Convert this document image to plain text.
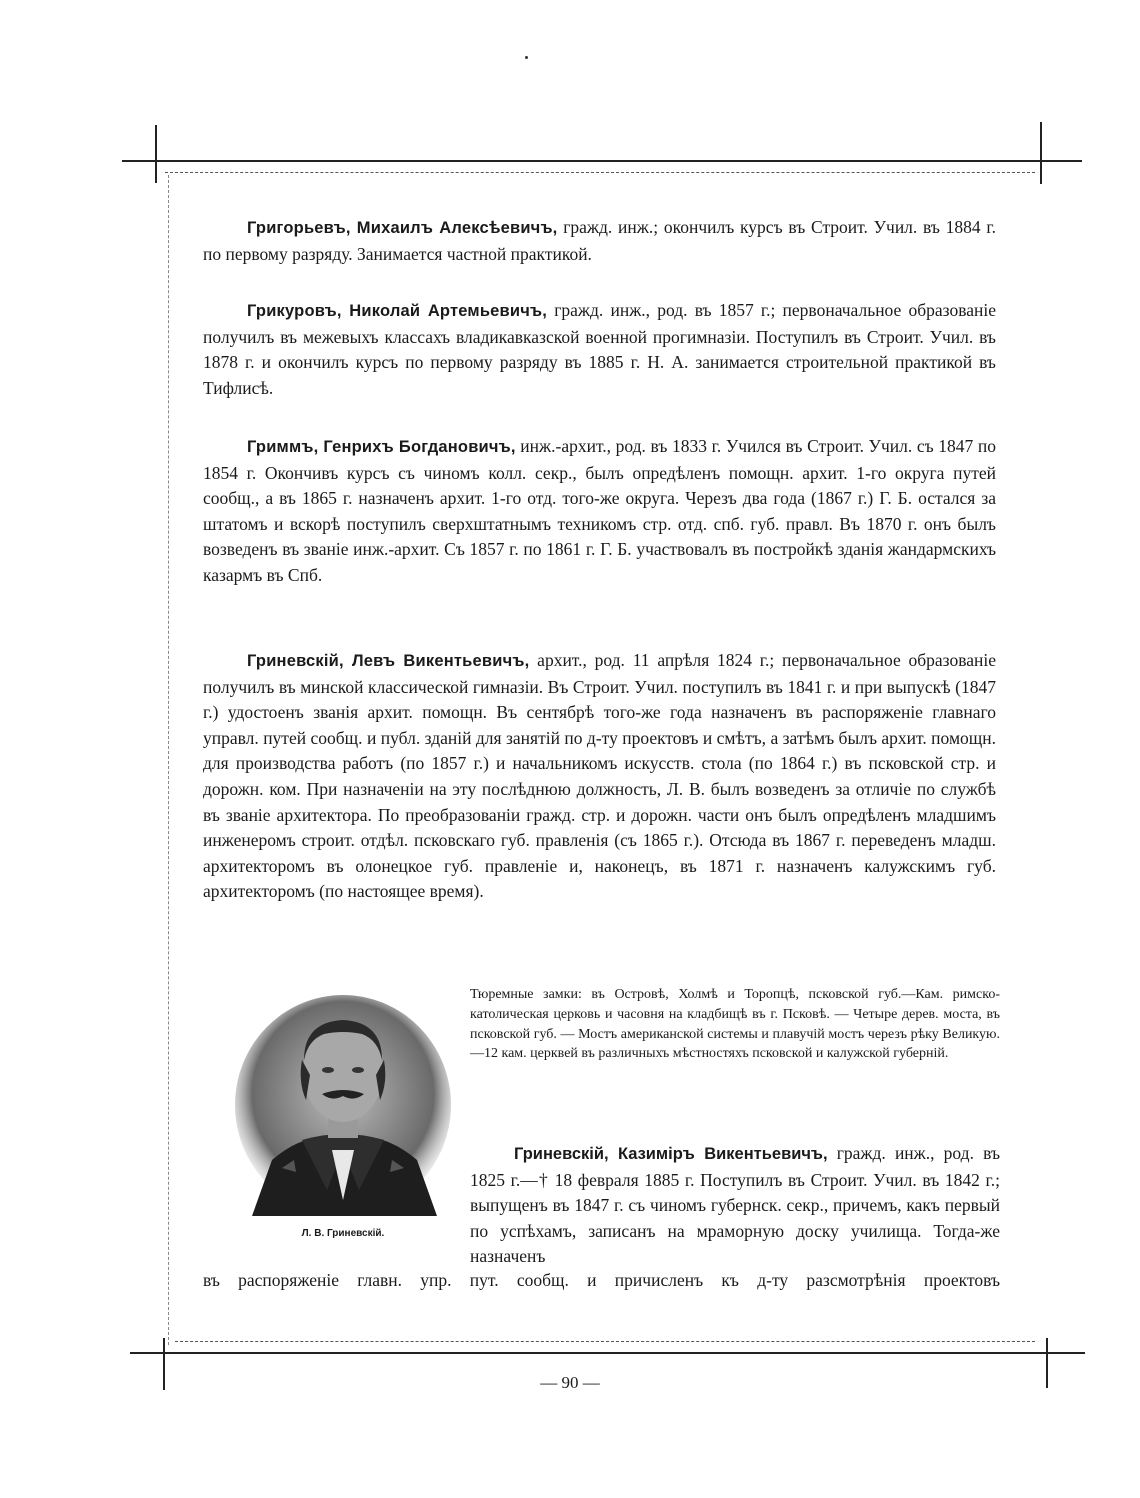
Григорьевъ, Михаилъ Алексѣевичъ, гражд. инж.; окончилъ курсъ въ Строит. Учил. въ 1884 г. по первому разряду. Занимается частной практикой.
Грикуровъ, Николай Артемьевичъ, гражд. инж., род. въ 1857 г.; первоначальное образованіе получилъ въ межевыхъ классахъ владикавказской военной прогимназіи. Поступилъ въ Строит. Учил. въ 1878 г. и окончилъ курсъ по первому разряду въ 1885 г. Н. А. занимается строительной практикой въ Тифлисѣ.
Гриммъ, Генрихъ Богдановичъ, инж.-архит., род. въ 1833 г. Учился въ Строит. Учил. съ 1847 по 1854 г. Окончивъ курсъ съ чиномъ колл. секр., былъ опредѣленъ помощн. архит. 1-го округа путей сообщ., а въ 1865 г. назначенъ архит. 1-го отд. того-же округа. Черезъ два года (1867 г.) Г. Б. остался за штатомъ и вскорѣ поступилъ сверхштатнымъ техникомъ стр. отд. спб. губ. правл. Въ 1870 г. онъ былъ возведенъ въ званіе инж.-архит. Съ 1857 г. по 1861 г. Г. Б. участвовалъ въ постройкѣ зданія жандармскихъ казармъ въ Спб.
Гриневскій, Левъ Викентьевичъ, архит., род. 11 апрѣля 1824 г.; первоначальное образованіе получилъ въ минской классической гимназіи. Въ Строит. Учил. поступилъ въ 1841 г. и при выпускѣ (1847 г.) удостоенъ званія архит. помощн. Въ сентябрѣ того-же года назначенъ въ распоряженіе главнаго управл. путей сообщ. и публ. зданій для занятій по д-ту проектовъ и смѣтъ, а затѣмъ былъ архит. помощн. для производства работъ (по 1857 г.) и начальникомъ искусств. стола (по 1864 г.) въ псковской стр. и дорожн. ком. При назначеніи на эту послѣднюю должность, Л. В. былъ возведенъ за отличіе по службѣ въ званіе архитектора. По преобразованіи гражд. стр. и дорожн. части онъ былъ опредѣленъ младшимъ инженеромъ строит. отдѣл. псковскаго губ. правленія (съ 1865 г.). Отсюда въ 1867 г. переведенъ младш. архитекторомъ въ олонецкое губ. правленіе и, наконецъ, въ 1871 г. назначенъ калужскимъ губ. архитекторомъ (по настоящее время).
Л. В. Гриневскій.
Тюремные замки: въ Островѣ, Холмѣ и Торопцѣ, псковской губ.—Кам. римско-католическая церковь и часовня на кладбищѣ въ г. Псковѣ. — Четыре дерев. моста, въ псковской губ. — Мостъ американской системы и плавучій мостъ черезъ рѣку Великую.—12 кам. церквей въ различныхъ мѣстностяхъ псковской и калужской губерній.
Гриневскій, Казиміръ Викентьевичъ, гражд. инж., род. въ 1825 г.—† 18 февраля 1885 г. Поступилъ въ Строит. Учил. въ 1842 г.; выпущенъ въ 1847 г. съ чиномъ губернск. секр., причемъ, какъ первый по успѣхамъ, записанъ на мраморную доску училища. Тогда-же назначенъ
въ распоряженіе главн. упр. пут. сообщ. и причисленъ къ д-ту разсмотрѣнія проектовъ
— 90 —
